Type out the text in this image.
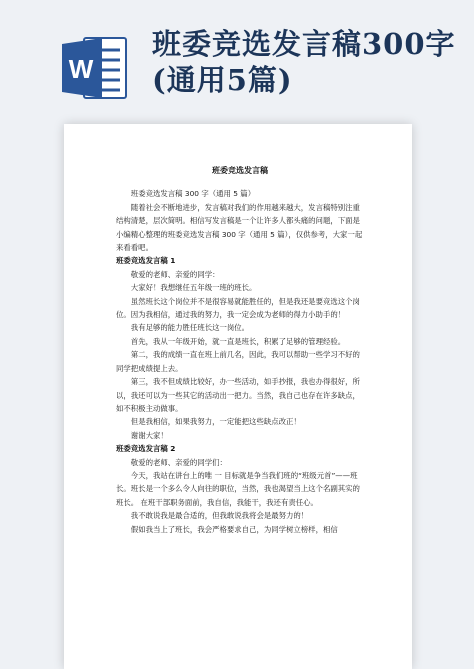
W
班委竞选发言稿300字(通用5篇)
班委竞选发言稿

班委竞选发言稿 300 字（通用 5 篇）

随着社会不断地进步，发言稿对我们的作用越来越大，发言稿特别注重结构清楚，层次简明。相信写发言稿是一个让许多人都头痛的问题，下面是小编精心整理的班委竞选发言稿 300 字（通用 5 篇），仅供参考，大家一起来看看吧。

班委竞选发言稿 1

敬爱的老师、亲爱的同学：

大家好！我想继任五年级一班的班长。

虽然班长这个岗位并不是很容易就能胜任的，但是我还是要竞选这个岗位。因为我相信，通过我的努力，我一定会成为老师的得力小助手的！

我有足够的能力胜任班长这一岗位。

首先，我从一年级开始，就一直是班长，积累了足够的管理经验。

第二，我的成绩一直在班上前几名，因此，我可以帮助一些学习不好的同学把成绩提上去。

第三，我不但成绩比较好，办一些活动，如手抄报，我也办得很好，所以，我还可以为一些其它的活动出一把力。当然，我自己也存在许多缺点，如不积极主动做事。

但是我相信，如果我努力，一定能把这些缺点改正！

谢谢大家！

班委竞选发言稿 2

敬爱的老师、亲爱的同学们：

今天，我站在讲台上的唯 一 目标就是争当我们班的“班级元首”——班长。班长是一个多么令人向往的职位，当然，我也渴望当上这个名副其实的班长。 在班干部职务面前，我自信，我能干，我还有责任心。

我不敢说我是最合适的，但我敢说我将会是最努力的！

假如我当上了班长，我会严格要求自己，为同学树立榜样，相信
